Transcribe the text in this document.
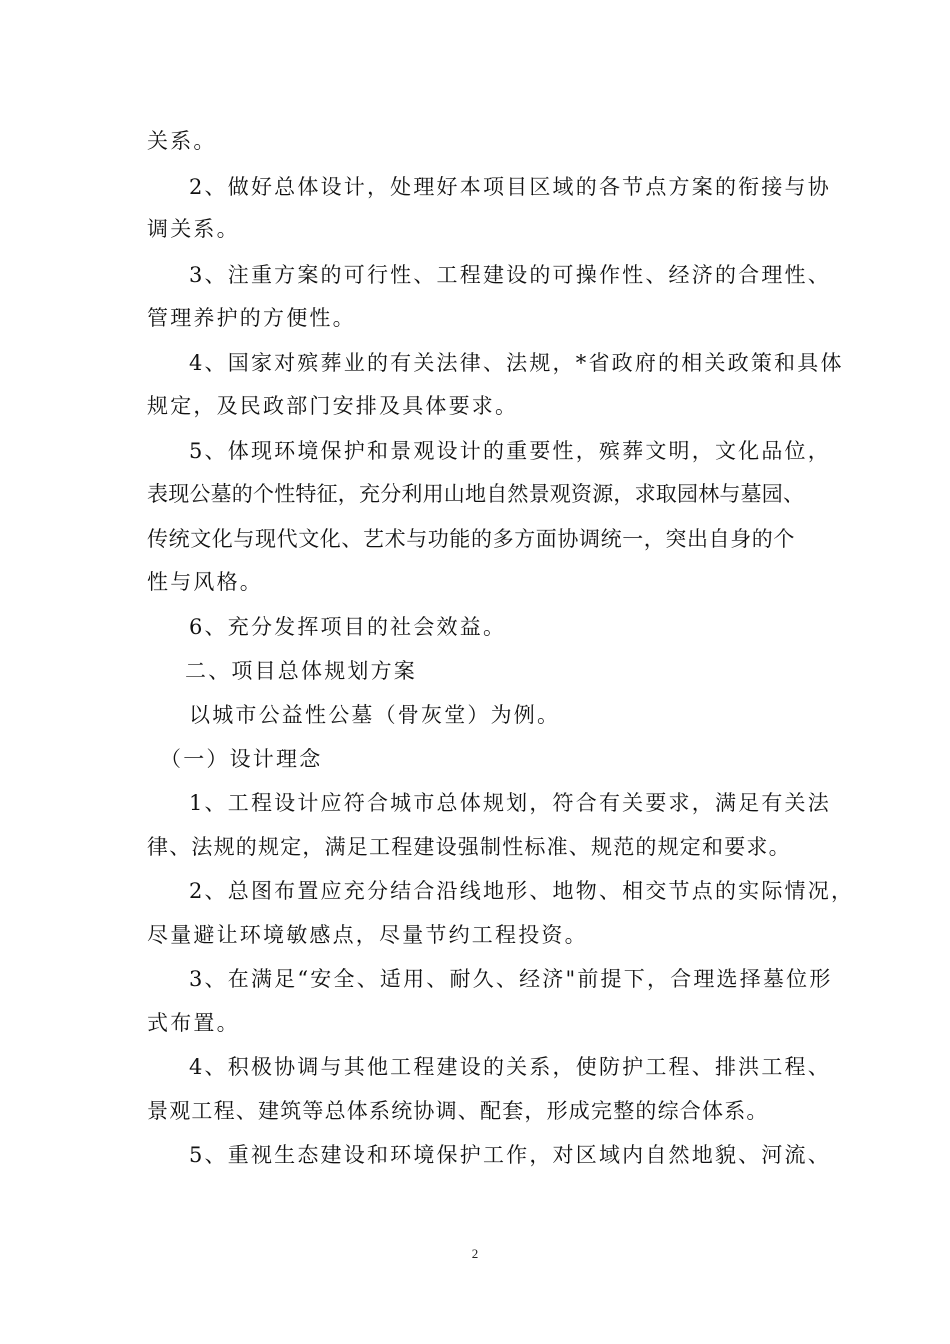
关系。
2、做好总体设计，处理好本项目区域的各节点方案的衔接与协
调关系。
3、注重方案的可行性、工程建设的可操作性、经济的合理性、
管理养护的方便性。
4、国家对殡葬业的有关法律、法规，*省政府的相关政策和具体
规定，及民政部门安排及具体要求。
5、体现环境保护和景观设计的重要性，殡葬文明，文化品位，
表现公墓的个性特征，充分利用山地自然景观资源，求取园林与墓园、
传统文化与现代文化、艺术与功能的多方面协调统一，突出自身的个
性与风格。
6、充分发挥项目的社会效益。
二、项目总体规划方案
以城市公益性公墓（骨灰堂）为例。
（一）设计理念
1、工程设计应符合城市总体规划，符合有关要求，满足有关法
律、法规的规定，满足工程建设强制性标准、规范的规定和要求。
2、总图布置应充分结合沿线地形、地物、相交节点的实际情况，
尽量避让环境敏感点，尽量节约工程投资。
3、在满足“安全、适用、耐久、经济"前提下，合理选择墓位形
式布置。
4、积极协调与其他工程建设的关系，使防护工程、排洪工程、
景观工程、建筑等总体系统协调、配套，形成完整的综合体系。
5、重视生态建设和环境保护工作，对区域内自然地貌、河流、
2
